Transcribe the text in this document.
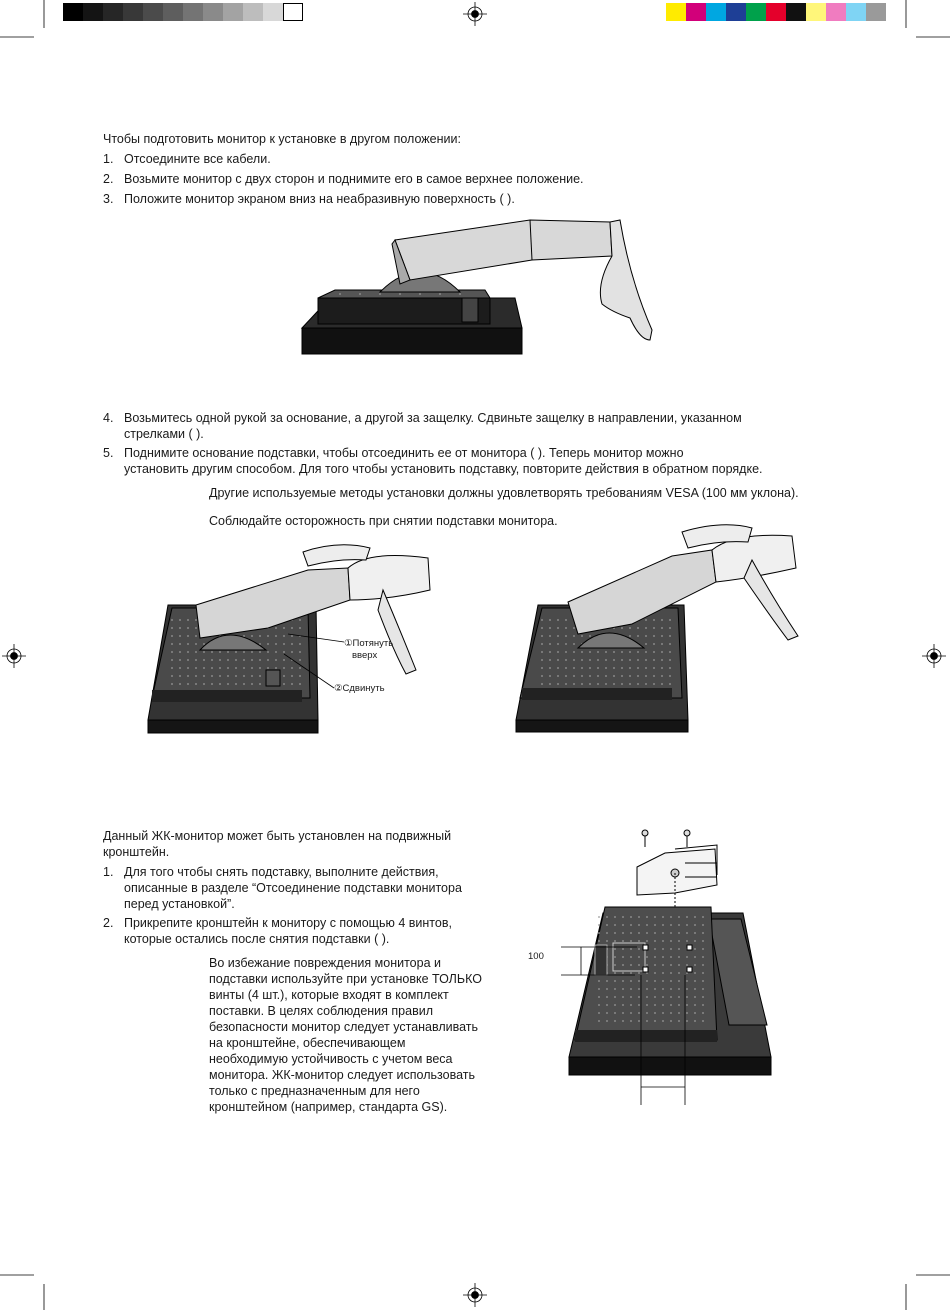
Чтобы подготовить монитор к установке в другом положении:
1. Отсоедините все кабели.
2. Возьмите монитор с двух сторон и поднимите его в самое верхнее положение.
3. Положите монитор экраном вниз на неабразивную поверхность ( ).
4. Возьмитесь одной рукой за основание, а другой за защелку. Сдвиньте защелку в направлении, указанном
стрелками ( ).
5. Поднимите основание подставки, чтобы отсоединить ее от монитора ( ). Теперь монитор можно
установить другим способом. Для того чтобы установить подставку, повторите действия в обратном порядке.
Другие используемые методы установки должны удовлетворять требованиям VESA (100 мм уклона).
Соблюдайте осторожность при снятии подставки монитора.
①Потянуть
вверх
②Сдвинуть
Данный ЖК-монитор может быть установлен на подвижный
кронштейн.
1. Для того чтобы снять подставку, выполните действия,
описанные в разделе “Отсоединение подставки монитора
перед установкой”.
2. Прикрепите кронштейн к монитору с помощью 4 винтов,
которые остались после снятия подставки ( ).
Во избежание повреждения монитора и
подставки используйте при установке ТОЛЬКО
винты (4 шт.), которые входят в комплект
поставки. В целях соблюдения правил
безопасности монитор следует устанавливать
на кронштейне, обеспечивающем
необходимую устойчивость с учетом веса
монитора. ЖК-монитор следует использовать
только с предназначенным для него
кронштейном (например, стандарта GS).
100
